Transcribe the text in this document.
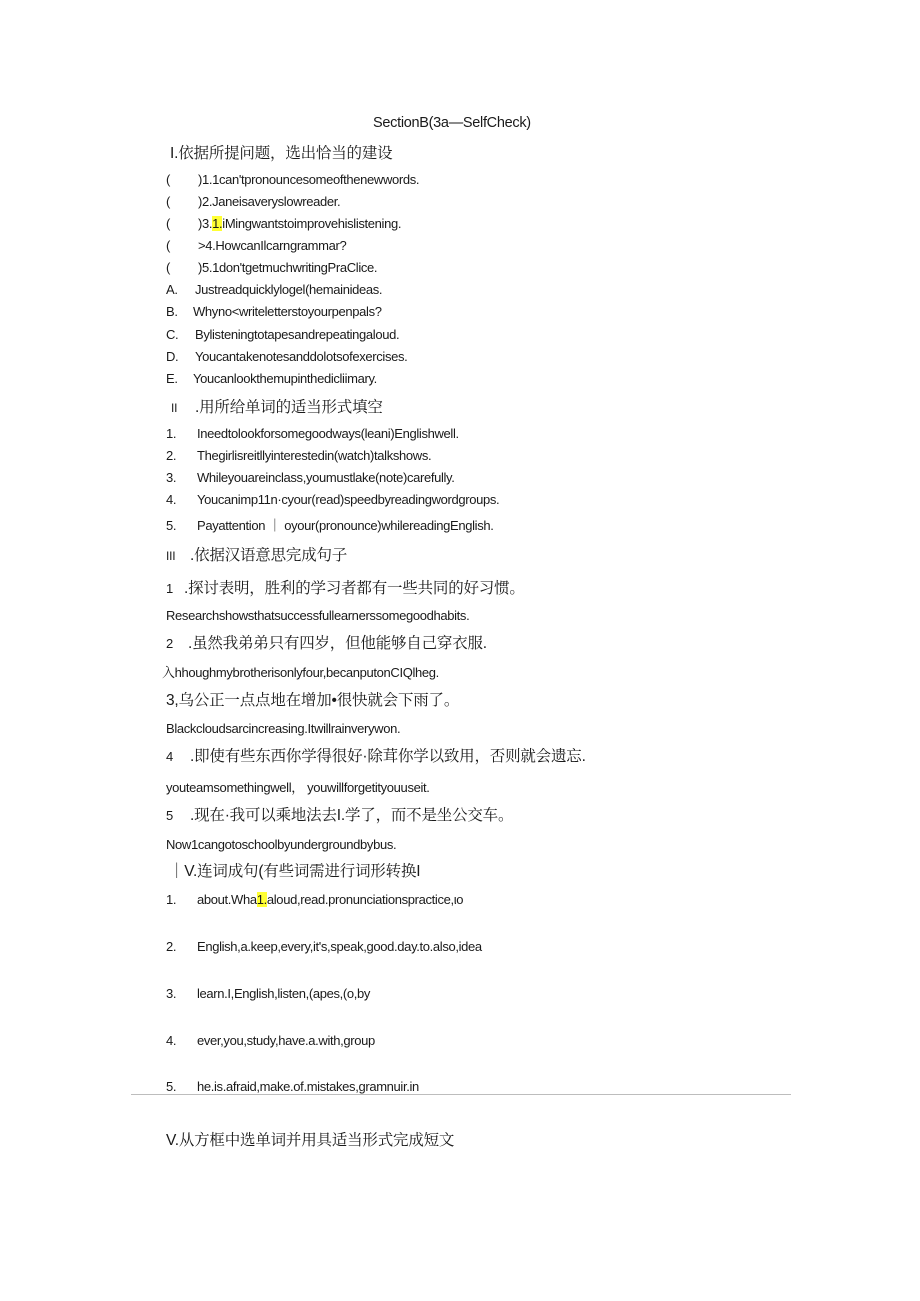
SectionB(3a—SelfCheck)
I.依据所提问题，选出恰当的建设
( )1.1can'tpronouncesomeofthenewwords.
( )2.Janeisaveryslowreader.
( )3.1.iMingwantstoimprovehislistening.
( >4.HowcanIlcarngrammar?
( )5.1don'tgetmuchwritingPraClice.
A. Justreadquicklylogel(hemainideas.
B. Whyno<writeletterstoyourpenpals?
C. Bylisteningtotapesandrepeatingaloud.
D. Youcantakenotesanddolotsofexercises.
E. Youcanlookthemupinthedicliimary.
II .用所给单词的适当形式填空
1. Ineedtolookforsomegoodways(leani)Englishwell.
2. Thegirlisreitllyinterestedin(watch)talkshows.
3. Whileyouareinclass,youmustlake(note)carefully.
4. Youcanimp11n·cyour(read)speedbyreadingwordgroups.
5. Payattention ｜ oyour(pronounce)whilereadingEnglish.
III .依据汉语意思完成句子
1 .探讨表明，胜利的学习者都有一些共同的好习惯。
Researchshowsthatsuccessfullearnerssomegoodhabits.
2 .虽然我弟弟只有四岁，但他能够自己穿衣服.
入hhoughmybrotherisonlyfour,becanputonCIQlheg.
3,乌公正一点点地在增加•很快就会下雨了。
Blackcloudsarcincreasing.Itwillrainverywon.
4 .即使有些东西你学得很好·除茸你学以致用，否则就会遗忘.
youteamsomethingwell， youwillforgetityouuseit.
5 .现在·我可以乘地法去I.学了，而不是坐公交车。
Now1cangotoschoolbyundergroundbybus.
｜V.连词成句(有些词需进行词形转换I
1. about.Wha1.aloud,read.pronunciationspractice,ιo
2. English,a.keep,every,it's,speak,good.day.to.also,idea
3. learn.I,English,listen,(apes,(o,by
4. ever,you,study,have.a.with,group
5. he.is.afraid,make.of.mistakes,gramnuir.in
V.从方框中选单词并用具适当形式完成短文
